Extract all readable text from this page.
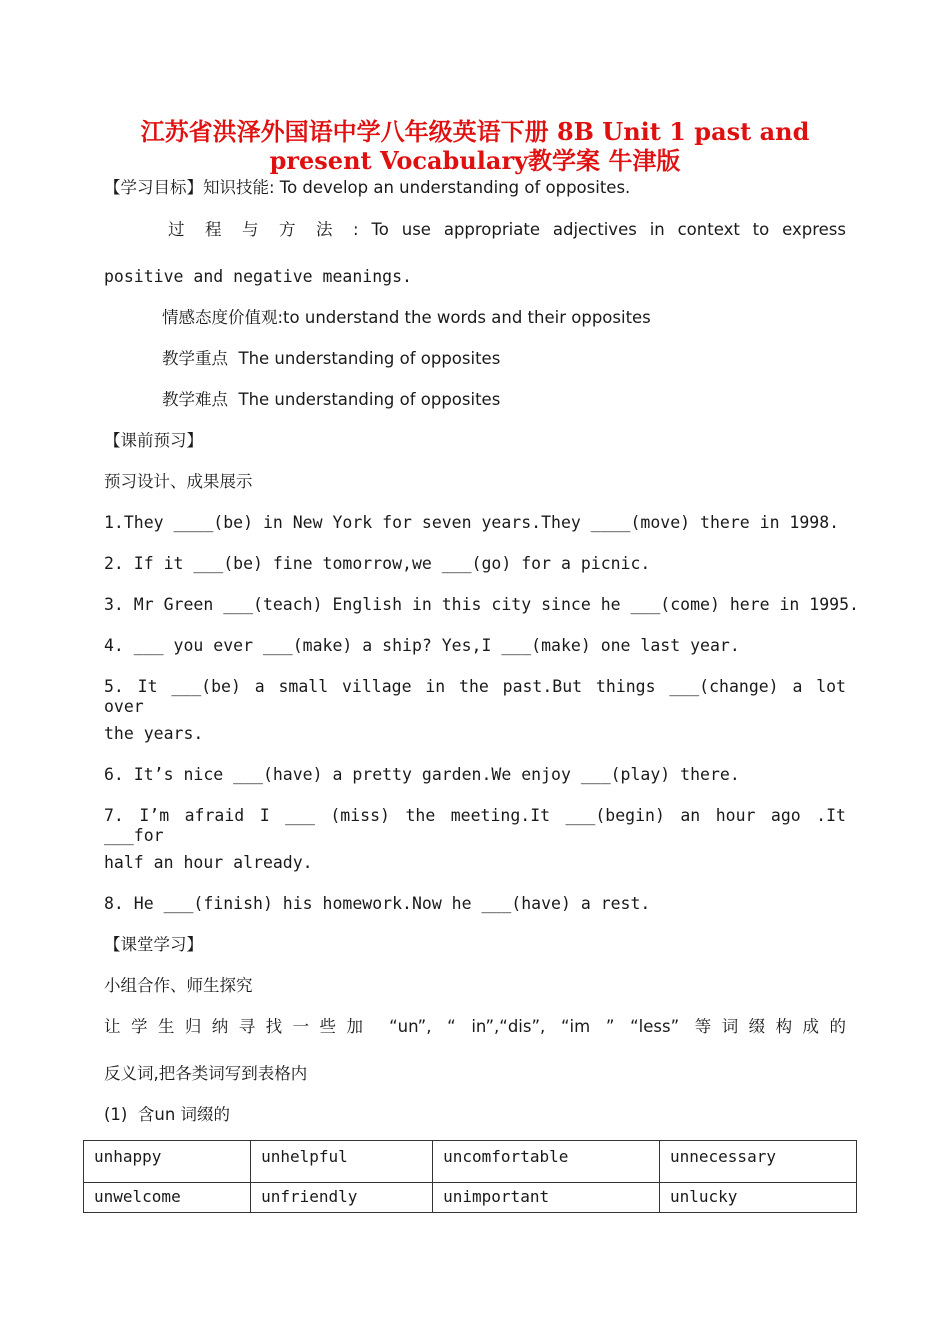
江苏省洪泽外国语中学八年级英语下册 8B Unit 1 past and
present Vocabulary教学案 牛津版
【学习目标】知识技能: To develop an understanding of opposites.
过 程 与 方 法 : To use appropriate adjectives in context to express
positive and negative meanings.
情感态度价值观:to understand the words and their opposites
教学重点  The understanding of opposites
教学难点  The understanding of opposites
【课前预习】
预习设计、成果展示
1.They ____(be) in New York for seven years.They ____(move) there in 1998.
2. If it ___(be) fine tomorrow,we ___(go) for a picnic.
3. Mr Green ___(teach) English in this city since he ___(come) here in 1995.
4. ___ you ever ___(make) a ship? Yes,I ___(make) one last year.
5. It ___(be) a small village in the past.But things ___(change) a lot over
the years.
6. It’s nice ___(have) a pretty garden.We enjoy ___(play) there.
7. I’m afraid I ___ (miss) the meeting.It ___(begin) an hour ago .It ___for
half an hour already.
8. He ___(finish) his homework.Now he ___(have) a rest.
【课堂学习】
小组合作、师生探究
让学生归纳寻找一些加 “un”, “ in”,“dis”, “im ” “less” 等词缀构成的
反义词,把各类词写到表格内
(1)  含un 词缀的
unhappy	unhelpful	uncomfortable	unnecessary
unwelcome	unfriendly	unimportant	unlucky
